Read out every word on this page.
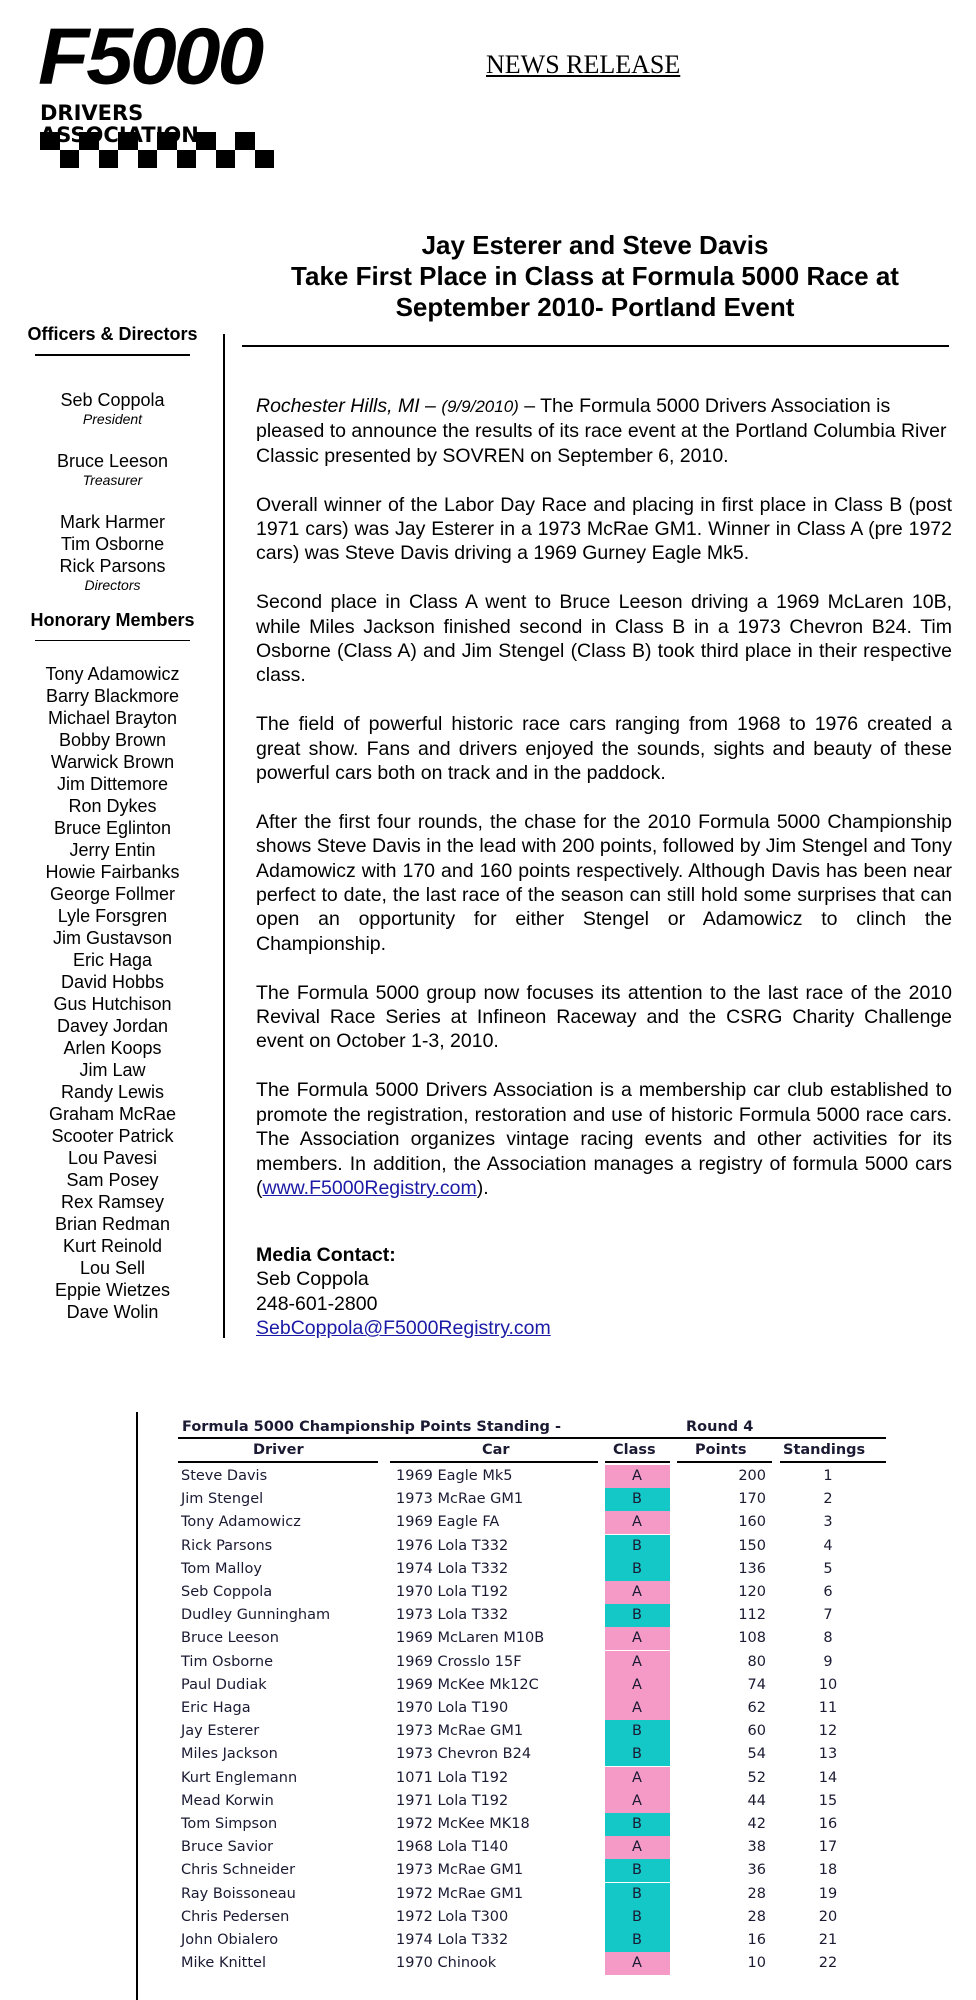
F5000
DRIVERS
NEWS RELEASE
Jay Esterer and Steve Davis
Take First Place in Class at Formula 5000 Race at
September 2010- Portland Event
Officers & Directors
Seb Coppola
President
Bruce Leeson
Treasurer
Mark Harmer
Tim Osborne
Rick Parsons
Directors
Honorary Members
Tony Adamowicz
Barry Blackmore
Michael Brayton
Bobby Brown
Warwick Brown
Jim Dittemore
Ron Dykes
Bruce Eglinton
Jerry Entin
Howie Fairbanks
George Follmer
Lyle Forsgren
Jim Gustavson
Eric Haga
David Hobbs
Gus Hutchison
Davey Jordan
Arlen Koops
Jim Law
Randy Lewis
Graham McRae
Scooter Patrick
Lou Pavesi
Sam Posey
Rex Ramsey
Brian Redman
Kurt Reinold
Lou Sell
Eppie Wietzes
Dave Wolin

Rochester Hills, MI – (9/9/2010) – The Formula 5000 Drivers Association is pleased to announce the results of its race event at the Portland Columbia River Classic presented by SOVREN on September 6, 2010.

Overall winner of the Labor Day Race and placing in first place in Class B (post 1971 cars) was Jay Esterer in a 1973 McRae GM1. Winner in Class A (pre 1972 cars) was Steve Davis driving a 1969 Gurney Eagle Mk5.

Second place in Class A went to Bruce Leeson driving a 1969 McLaren 10B, while Miles Jackson finished second in Class B in a 1973 Chevron B24. Tim Osborne (Class A) and Jim Stengel (Class B) took third place in their respective class.

The field of powerful historic race cars ranging from 1968 to 1976 created a great show. Fans and drivers enjoyed the sounds, sights and beauty of these powerful cars both on track and in the paddock.

After the first four rounds, the chase for the 2010 Formula 5000 Championship shows Steve Davis in the lead with 200 points, followed by Jim Stengel and Tony Adamowicz with 170 and 160 points respectively. Although Davis has been near perfect to date, the last race of the season can still hold some surprises that can open an opportunity for either Stengel or Adamowicz to clinch the Championship.

The Formula 5000 group now focuses its attention to the last race of the 2010 Revival Race Series at Infineon Raceway and the CSRG Charity Challenge event on October 1-3, 2010.

The Formula 5000 Drivers Association is a membership car club established to promote the registration, restoration and use of historic Formula 5000 race cars. The Association organizes vintage racing events and other activities for its members. In addition, the Association manages a registry of formula 5000 cars (www.F5000Registry.com).

Media Contact:
Seb Coppola
248-601-2800
SebCoppola@F5000Registry.com
Formula 5000 Championship Points Standing -	Round 4
Driver	Car	Class	Points	Standings
Steve Davis	1969 Eagle Mk5	A	200	1
Jim Stengel	1973 McRae GM1	B	170	2
Tony Adamowicz	1969 Eagle FA	A	160	3
Rick Parsons	1976 Lola T332	B	150	4
Tom Malloy	1974 Lola T332	B	136	5
Seb Coppola	1970 Lola T192	A	120	6
Dudley Gunningham	1973 Lola T332	B	112	7
Bruce Leeson	1969 McLaren M10B	A	108	8
Tim Osborne	1969 Crosslo 15F	A	80	9
Paul Dudiak	1969 McKee Mk12C	A	74	10
Eric Haga	1970 Lola T190	A	62	11
Jay Esterer	1973 McRae GM1	B	60	12
Miles Jackson	1973 Chevron B24	B	54	13
Kurt Englemann	1071 Lola T192	A	52	14
Mead Korwin	1971 Lola T192	A	44	15
Tom Simpson	1972 McKee MK18	B	42	16
Bruce Savior	1968 Lola T140	A	38	17
Chris Schneider	1973 McRae GM1	B	36	18
Ray Boissoneau	1972 McRae GM1	B	28	19
Chris Pedersen	1972 Lola T300	B	28	20
John Obialero	1974 Lola T332	B	16	21
Mike Knittel	1970 Chinook	A	10	22
